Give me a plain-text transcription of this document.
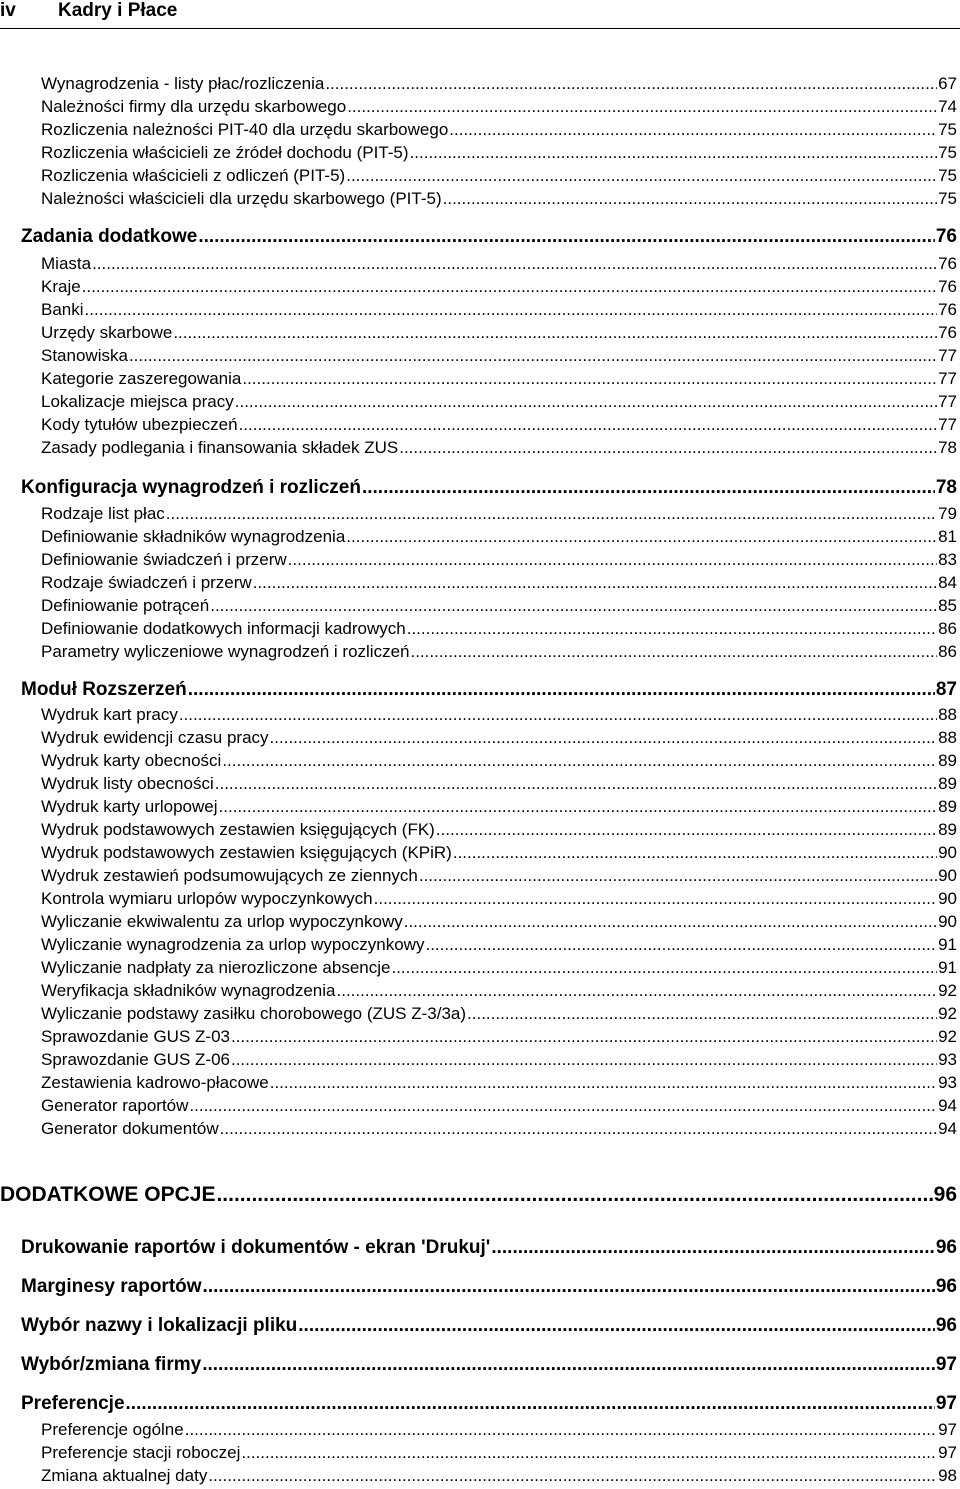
iv Kadry i Płace
Wynagrodzenia - listy płac/rozliczenia .....	67
Należności firmy dla urzędu skarbowego .....	74
Rozliczenia należności PIT-40 dla urzędu skarbowego .....	75
Rozliczenia właścicieli ze źródeł dochodu (PIT-5) .....	75
Rozliczenia właścicieli z odliczeń (PIT-5) .....	75
Należności właścicieli dla urzędu skarbowego (PIT-5) .....	75
Zadania dodatkowe .....	76
Miasta .....	76
Kraje .....	76
Banki .....	76
Urzędy skarbowe .....	76
Stanowiska .....	77
Kategorie zaszeregowania .....	77
Lokalizacje miejsca pracy .....	77
Kody tytułów ubezpieczeń .....	77
Zasady podlegania i finansowania składek ZUS .....	78
Konfiguracja wynagrodzeń i rozliczeń .....	78
Rodzaje list płac .....	79
Definiowanie składników wynagrodzenia .....	81
Definiowanie świadczeń i przerw .....	83
Rodzaje świadczeń i przerw .....	84
Definiowanie potrąceń .....	85
Definiowanie dodatkowych informacji kadrowych .....	86
Parametry wyliczeniowe wynagrodzeń i rozliczeń .....	86
Moduł Rozszerzeń .....	87
Wydruk kart pracy .....	88
Wydruk ewidencji czasu pracy .....	88
Wydruk karty obecności .....	89
Wydruk listy obecności .....	89
Wydruk karty urlopowej .....	89
Wydruk podstawowych zestawien księgujących (FK) .....	89
Wydruk podstawowych zestawien księgujących (KPiR) .....	90
Wydruk zestawień podsumowujących ze ziennych .....	90
Kontrola wymiaru urlopów wypoczynkowych .....	90
Wyliczanie ekwiwalentu za urlop wypoczynkowy .....	90
Wyliczanie wynagrodzenia za urlop wypoczynkowy .....	91
Wyliczanie nadpłaty za nierozliczone absencje .....	91
Weryfikacja składników wynagrodzenia .....	92
Wyliczanie podstawy zasiłku chorobowego (ZUS Z-3/3a) .....	92
Sprawozdanie GUS Z-03 .....	92
Sprawozdanie GUS Z-06 .....	93
Zestawienia kadrowo-płacowe .....	93
Generator raportów .....	94
Generator dokumentów .....	94
DODATKOWE OPCJE .....	96
Drukowanie raportów i dokumentów - ekran 'Drukuj' .....	96
Marginesy raportów .....	96
Wybór nazwy i lokalizacji pliku .....	96
Wybór/zmiana firmy .....	97
Preferencje .....	97
Preferencje ogólne .....	97
Preferencje stacji roboczej .....	97
Zmiana aktualnej daty .....	98
